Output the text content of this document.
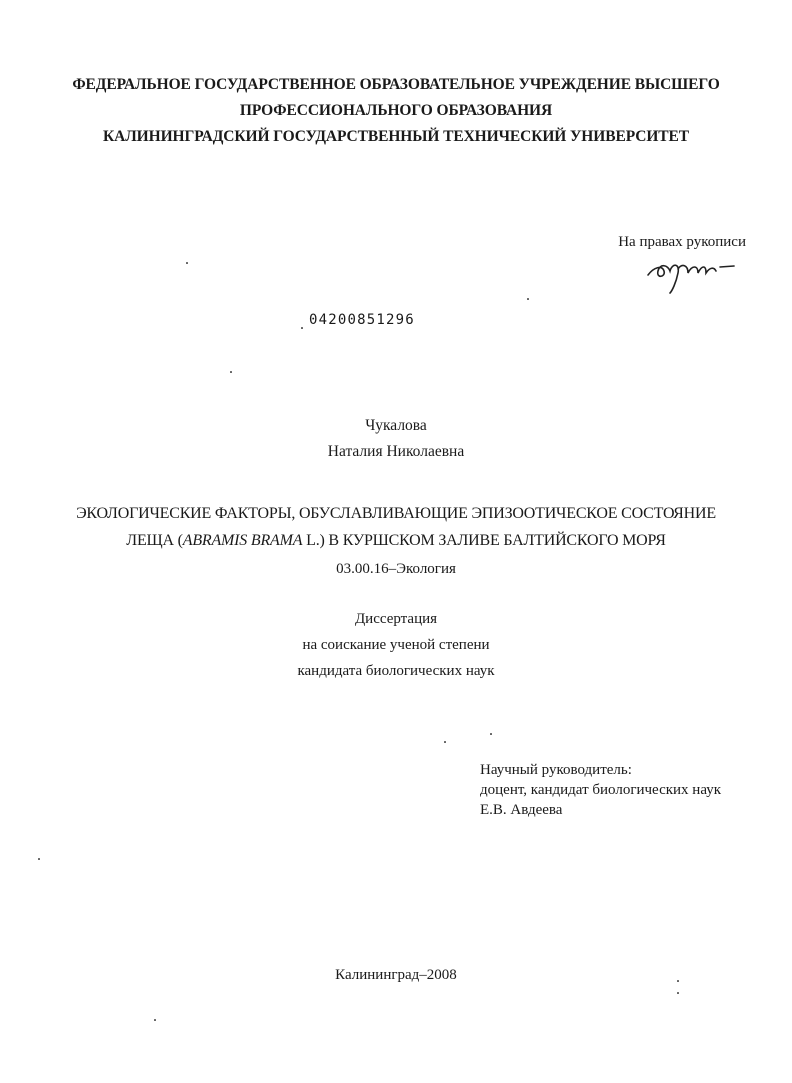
ФЕДЕРАЛЬНОЕ ГОСУДАРСТВЕННОЕ ОБРАЗОВАТЕЛЬНОЕ УЧРЕЖДЕНИЕ ВЫСШЕГО
ПРОФЕССИОНАЛЬНОГО ОБРАЗОВАНИЯ
КАЛИНИНГРАДСКИЙ ГОСУДАРСТВЕННЫЙ ТЕХНИЧЕСКИЙ УНИВЕРСИТЕТ
На правах рукописи
04200851296
Чукалова
Наталия Николаевна
ЭКОЛОГИЧЕСКИЕ ФАКТОРЫ, ОБУСЛАВЛИВАЮЩИЕ ЭПИЗООТИЧЕСКОЕ СОСТОЯНИЕ
ЛЕЩА (ABRAMIS BRAMA L.) В КУРШСКОМ ЗАЛИВЕ БАЛТИЙСКОГО МОРЯ
03.00.16–Экология
Диссертация
на соискание ученой степени
кандидата биологических наук
Научный руководитель:
доцент, кандидат биологических наук
Е.В. Авдеева
Калининград–2008
